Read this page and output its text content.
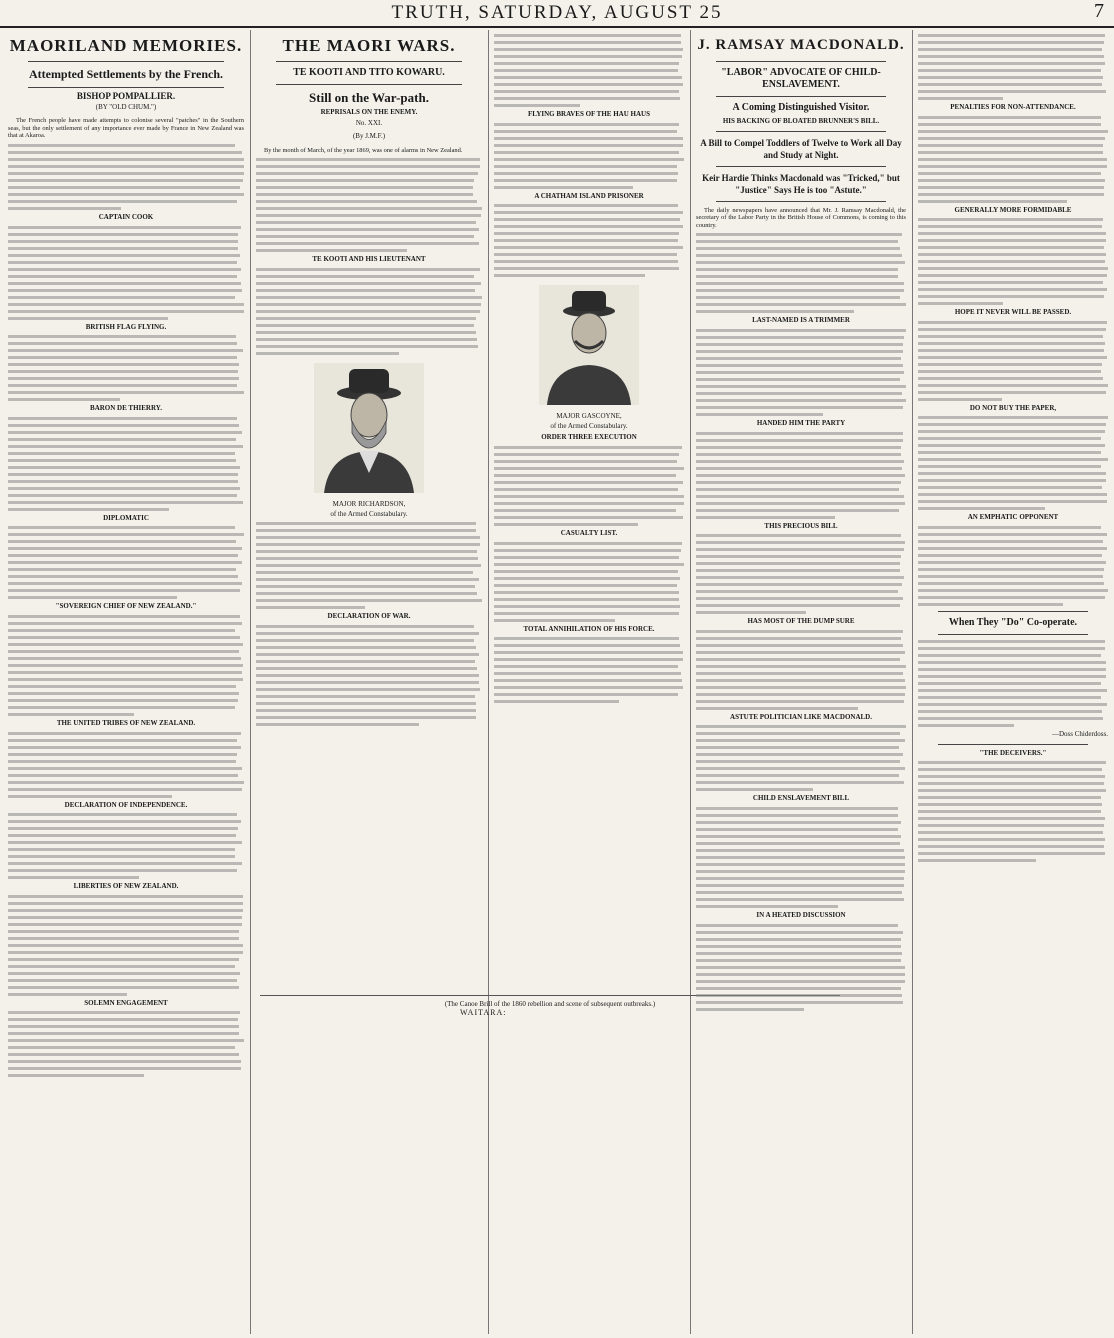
TRUTH, SATURDAY, AUGUST 25	7
MAORILAND MEMORIES.
Attempted Settlements by the French.
BISHOP POMPALLIER.
(BY "OLD CHUM.")
The French people have made attempts to colonise several "patches" in the Southern seas, but the only settlement of any importance ever made by France in New Zealand was that at Akaroa.
CAPTAIN COOK
BRITISH FLAG FLYING.
BARON DE THIERRY.
DIPLOMATIC
"SOVEREIGN CHIEF OF NEW ZEALAND."
THE UNITED TRIBES OF NEW ZEALAND.
DECLARATION OF INDEPENDENCE.
LIBERTIES OF NEW ZEALAND.
SOLEMN ENGAGEMENT
THE MAORI WARS.
TE KOOTI AND TITO KOWARU.
Still on the War-path.
REPRISALS ON THE ENEMY.
No. XXI.
(By J.M.F.)
By the month of March, of the year 1869, was one of alarms in New Zealand.
TE KOOTI AND HIS LIEUTENANT
MAJOR RICHARDSON,
of the Armed Constabulary.
DECLARATION OF WAR.
FLYING BRAVES OF THE HAU HAUS
A CHATHAM ISLAND PRISONER
MAJOR GASCOYNE,
of the Armed Constabulary.
ORDER THREE EXECUTION
CASUALTY LIST.
TOTAL ANNIHILATION OF HIS FORCE.
(The Canoe Brill of the 1860 rebellion and scene of subsequent outbreaks.)
WAITARA:
J. RAMSAY MACDONALD.
"LABOR" ADVOCATE OF CHILD-ENSLAVEMENT.
A Coming Distinguished Visitor.
HIS BACKING OF BLOATED BRUNNER'S BILL.
A Bill to Compel Toddlers of Twelve to Work all Day and Study at Night.
Keir Hardie Thinks Macdonald was "Tricked," but "Justice" Says He is too "Astute."
The daily newspapers have announced that Mr. J. Ramsay Macdonald, the secretary of the Labor Party in the British House of Commons, is coming to this country.
LAST-NAMED IS A TRIMMER
HANDED HIM THE PARTY
THIS PRECIOUS BILL
HAS MOST OF THE DUMP SURE
ASTUTE POLITICIAN LIKE MACDONALD.
CHILD ENSLAVEMENT BILL
IN A HEATED DISCUSSION
PENALTIES FOR NON-ATTENDANCE.
GENERALLY MORE FORMIDABLE
HOPE IT NEVER WILL BE PASSED.
DO NOT BUY THE PAPER,
AN EMPHATIC OPPONENT
When They "Do" Co-operate.
—Doss Chiderdoss.
"THE DECEIVERS."
